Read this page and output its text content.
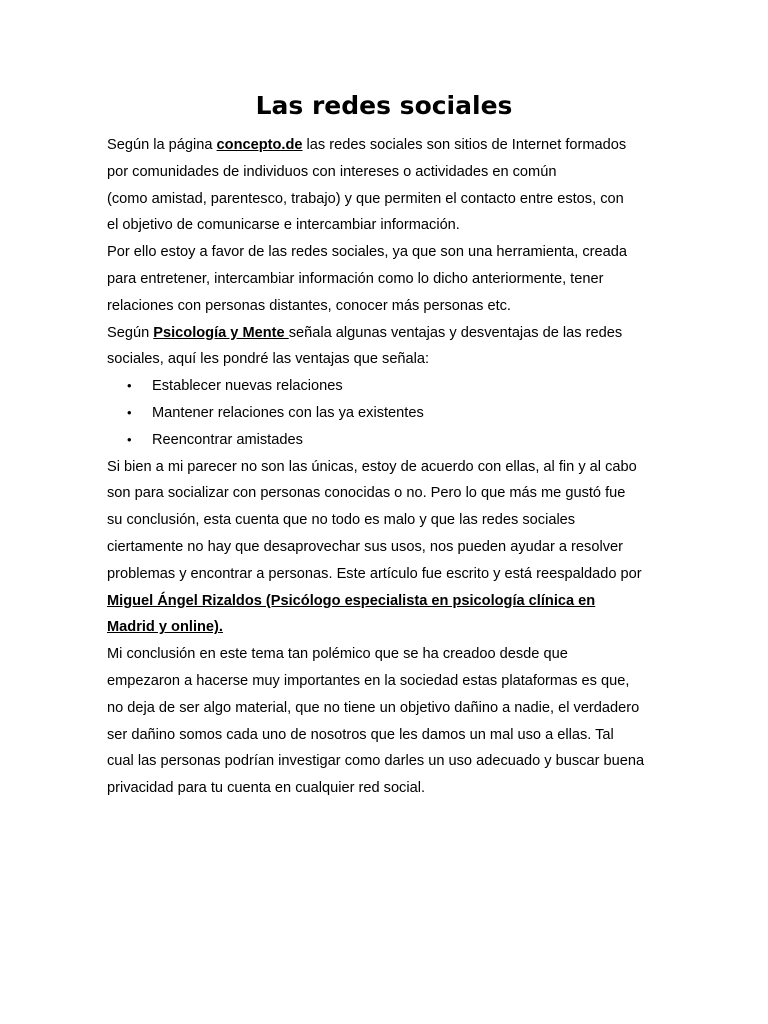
Las redes sociales
Según la página concepto.de las redes sociales son sitios de Internet formados
por comunidades de individuos con intereses o actividades en común
(como amistad, parentesco, trabajo) y que permiten el contacto entre estos, con
el objetivo de comunicarse e intercambiar información.
Por ello estoy a favor de las redes sociales, ya que son una herramienta, creada
para entretener, intercambiar información como lo dicho anteriormente, tener
relaciones con personas distantes, conocer más personas etc.
Según Psicología y Mente señala algunas ventajas y desventajas de las redes
sociales, aquí les pondré las ventajas que señala:
• Establecer nuevas relaciones
• Mantener relaciones con las ya existentes
• Reencontrar amistades
Si bien a mi parecer no son las únicas, estoy de acuerdo con ellas, al fin y al cabo
son para socializar con personas conocidas o no. Pero lo que más me gustó fue
su conclusión, esta cuenta que no todo es malo y que las redes sociales
ciertamente no hay que desaprovechar sus usos, nos pueden ayudar a resolver
problemas y encontrar a personas. Este artículo fue escrito y está reespaldado por
Miguel Ángel Rizaldos (Psicólogo especialista en psicología clínica en
Madrid y online).
Mi conclusión en este tema tan polémico que se ha creadoo desde que
empezaron a hacerse muy importantes en la sociedad estas plataformas es que,
no deja de ser algo material, que no tiene un objetivo dañino a nadie, el verdadero
ser dañino somos cada uno de nosotros que les damos un mal uso a ellas. Tal
cual las personas podrían investigar como darles un uso adecuado y buscar buena
privacidad para tu cuenta en cualquier red social.
